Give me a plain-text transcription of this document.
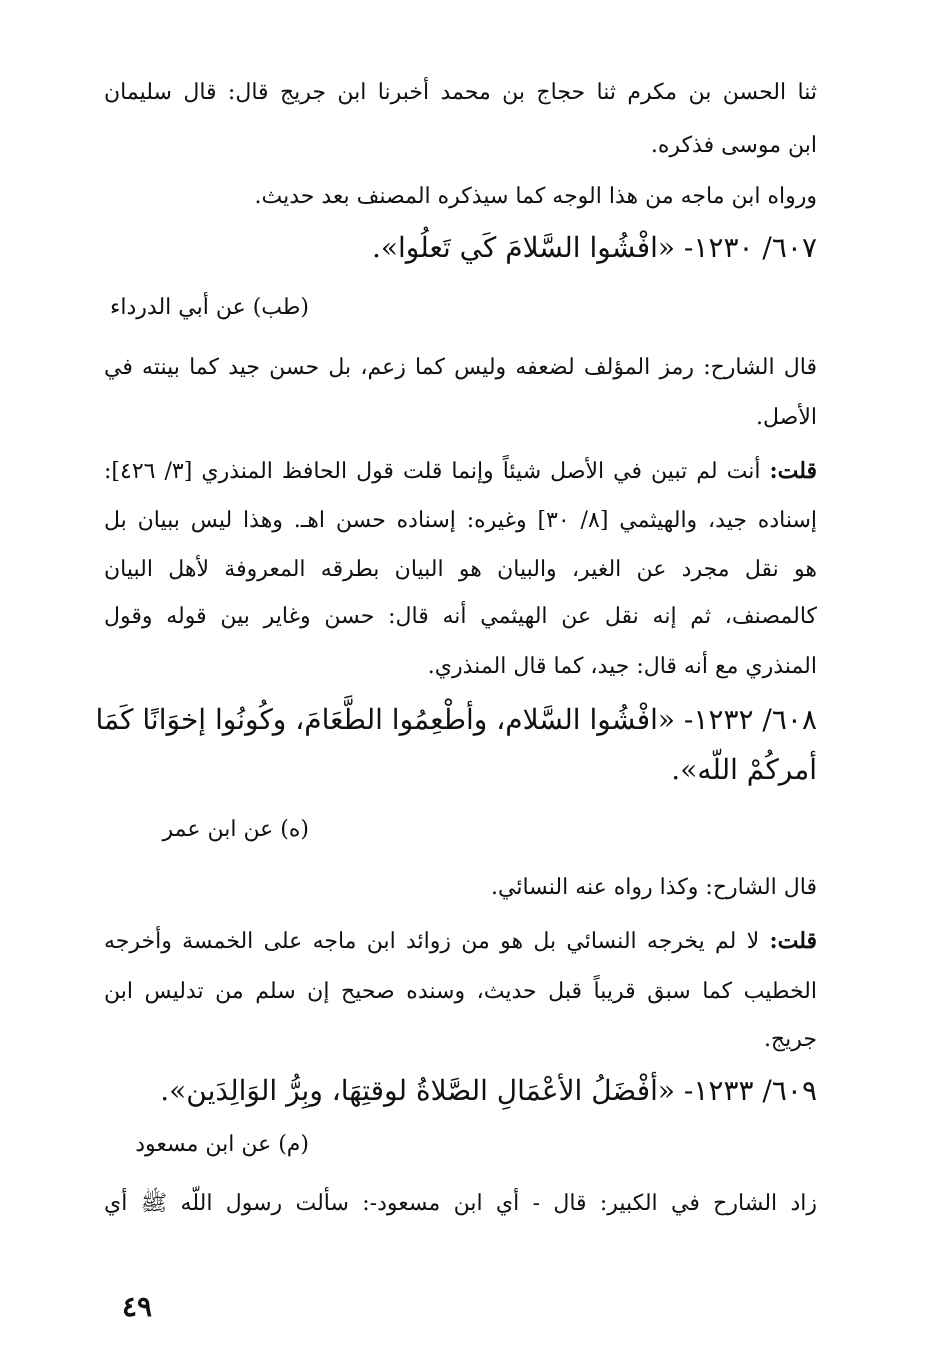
ثنا الحسن بن مكرم ثنا حجاج بن محمد أخبرنا ابن جريج قال: قال سليمان
ابن موسى فذكره.
ورواه ابن ماجه من هذا الوجه كما سيذكره المصنف بعد حديث.
٦٠٧/ ١٢٣٠- «افْشُوا السَّلامَ كَي تَعلُوا».
(طب) عن أبي الدرداء
قال الشارح: رمز المؤلف لضعفه وليس كما زعم، بل حسن جيد كما بينته في
الأصل.
قلت: أنت لم تبين في الأصل شيئاً وإنما قلت قول الحافظ المنذري [٣/ ٤٢٦]:
إسناده جيد، والهيثمي [٨/ ٣٠] وغيره: إسناده حسن اهـ. وهذا ليس ببيان بل
هو نقل مجرد عن الغير، والبيان هو البيان بطرقه المعروفة لأهل البيان
كالمصنف، ثم إنه نقل عن الهيثمي أنه قال: حسن وغاير بين قوله وقول
المنذري مع أنه قال: جيد، كما قال المنذري.
٦٠٨/ ١٢٣٢- «افْشُوا السَّلام، وأطْعِمُوا الطَّعَامَ، وكُونُوا إخوَانًا كَمَا
أمركُمْ اللّه».
(ه) عن ابن عمر
قال الشارح: وكذا رواه عنه النسائي.
قلت: لا لم يخرجه النسائي بل هو من زوائد ابن ماجه على الخمسة وأخرجه
الخطيب كما سبق قريباً قبل حديث، وسنده صحيح إن سلم من تدليس ابن
جريج.
٦٠٩/ ١٢٣٣- «أفْضَلُ الأعْمَالِ الصَّلاةُ لوقتِهَا، وبِرُّ الوَالِدَين».
(م) عن ابن مسعود
زاد الشارح في الكبير: قال - أي ابن مسعود-: سألت رسول اللّه ﷺ أي
٤٩
